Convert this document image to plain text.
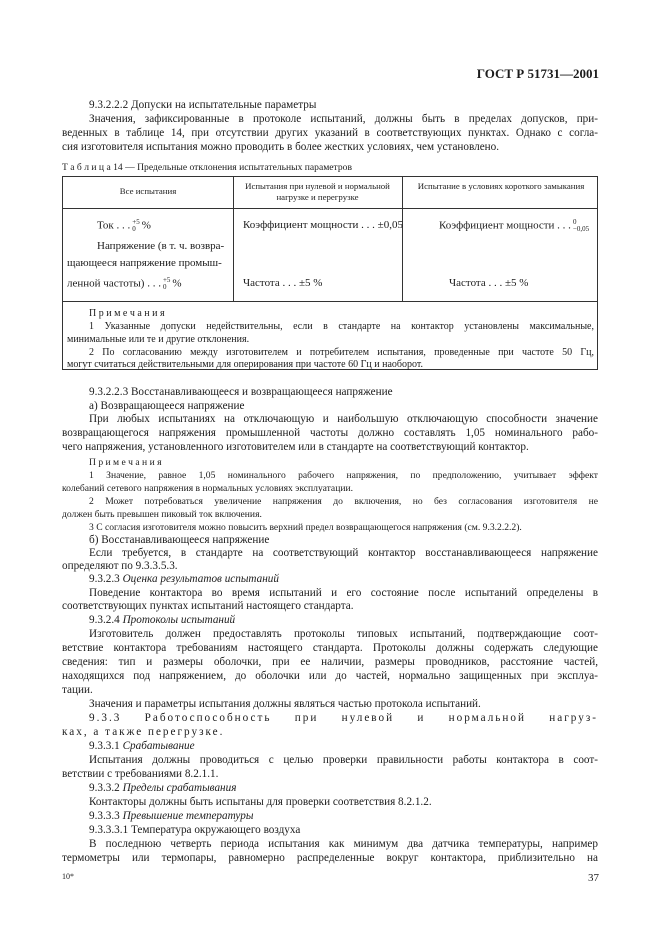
ГОСТ Р 51731—2001
9.3.2.2.2 Допуски на испытательные параметры
Значения, зафиксированные в протоколе испытаний, должны быть в пределах допусков, при-
веденных в таблице 14, при отсутствии других указаний в соответствующих пунктах. Однако с согла-
сия изготовителя испытания можно проводить в более жестких условиях, чем установлено.
Т а б л и ц а 14 — Предельные отклонения испытательных параметров
Все испытания	Испытания при нулевой и нормальной нагрузке и перегрузке
Испытание в условиях короткого замыкания
Ток . . . +5
0 %
Напряжение (в т. ч. возвра-
щающееся напряжение промыш-
ленной частоты) . . . +5
0 %
Коэффициент мощности . . . ±0,05
Частота . . . ±5 %
Коэффициент мощности . . . 0
−0,05
Частота . . . ±5 %
П р и м е ч а н и я
1 Указанные допуски недействительны, если в стандарте на контактор установлены максимальные,
минимальные или те и другие отклонения.
2 По согласованию между изготовителем и потребителем испытания, проведенные при частоте 50 Гц,
могут считаться действительными для оперирования при частоте 60 Гц и наоборот.
9.3.2.2.3 Восстанавливающееся и возвращающееся напряжение
а) Возвращающееся напряжение
При любых испытаниях на отключающую и наибольшую отключающую способности значение
возвращающегося напряжения промышленной частоты должно составлять 1,05 номинального рабо-
чего напряжения, установленного изготовителем или в стандарте на соответствующий контактор.
П р и м е ч а н и я
1 Значение, равное 1,05 номинального рабочего напряжения, по предположению, учитывает эффект
колебаний сетевого напряжения в нормальных условиях эксплуатации.
2 Может потребоваться увеличение напряжения до включения, но без согласования изготовителя не
должен быть превышен пиковый ток включения.
3 С согласия изготовителя можно повысить верхний предел возвращающегося напряжения (см. 9.3.2.2.2).
б) Восстанавливающееся напряжение
Если требуется, в стандарте на соответствующий контактор восстанавливающееся напряжение
определяют по 9.3.3.5.3.
9.3.2.3 Оценка результатов испытаний
Поведение контактора во время испытаний и его состояние после испытаний определены в
соответствующих пунктах испытаний настоящего стандарта.
9.3.2.4 Протоколы испытаний
Изготовитель должен предоставлять протоколы типовых испытаний, подтверждающие соот-
ветствие контактора требованиям настоящего стандарта. Протоколы должны содержать следующие
сведения: тип и размеры оболочки, при ее наличии, размеры проводников, расстояние частей,
находящихся под напряжением, до оболочки или до частей, нормально защищенных при эксплуа-
тации.
Значения и параметры испытания должны являться частью протокола испытаний.
9.3.3 Работоспособность при нулевой и нормальной нагруз-
ках, а также перегрузке.
9.3.3.1 Срабатывание
Испытания должны проводиться с целью проверки правильности работы контактора в соот-
ветствии с требованиями 8.2.1.1.
9.3.3.2 Пределы срабатывания
Контакторы должны быть испытаны для проверки соответствия 8.2.1.2.
9.3.3.3 Превышение температуры
9.3.3.3.1 Температура окружающего воздуха
В последнюю четверть периода испытания как минимум два датчика температуры, например
термометры или термопары, равномерно распределенные вокруг контактора, приблизительно на
10*	37
